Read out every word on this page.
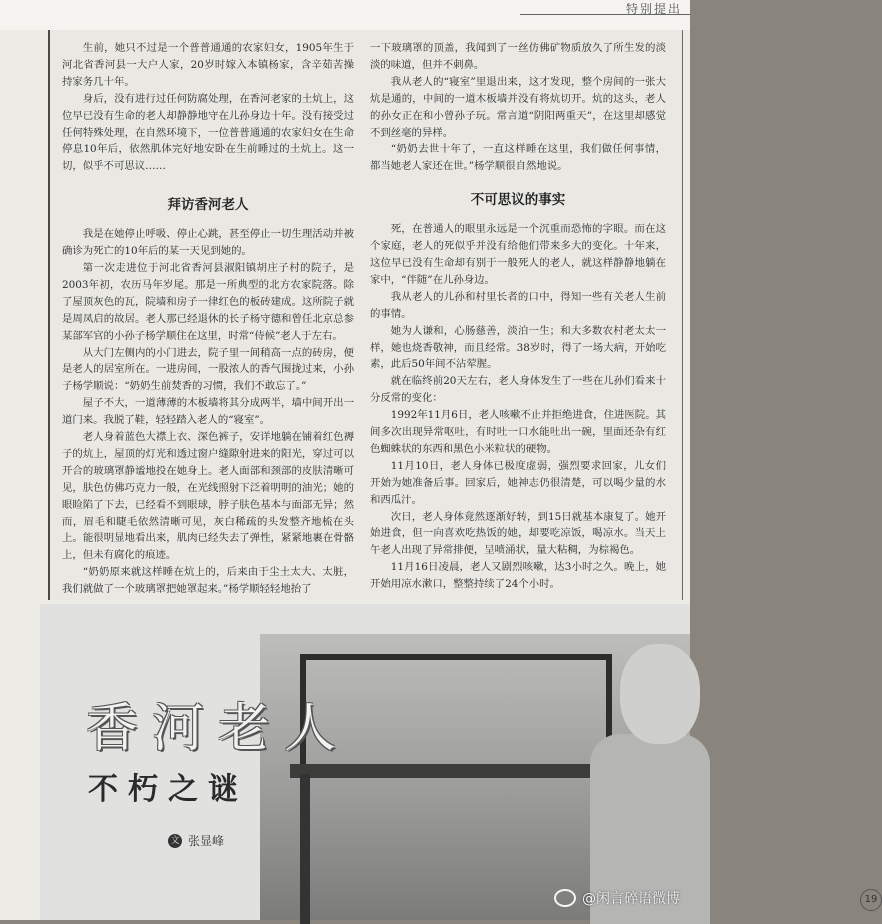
特别提出

生前，她只不过是一个普普通通的农家妇女，1905年生于河北省香河县一大户人家，20岁时嫁入本镇杨家，含辛茹苦操持家务几十年。

身后，没有进行过任何防腐处理，在香河老家的土炕上，这位早已没有生命的老人却静静地守在儿孙身边十年。没有接受过任何特殊处理，在自然环境下，一位普普通通的农家妇女在生命停息10年后，依然肌体完好地安卧在生前睡过的土炕上。这一切，似乎不可思议……

拜访香河老人

我是在她停止呼吸、停止心跳，甚至停止一切生理活动并被确诊为死亡的10年后的某一天见到她的。

第一次走进位于河北省香河县淑阳镇胡庄子村的院子，是2003年初，农历马年岁尾。那是一所典型的北方农家院落。除了屋顶灰色的瓦，院墙和房子一律红色的板砖建成。这所院子就是周凤启的故居。老人那已经退休的长子杨守德和曾任北京总参某部军官的小孙子杨学顺住在这里，时常“侍候”老人于左右。

从大门左侧内的小门进去，院子里一间稍高一点的砖房，便是老人的居室所在。一进房间，一股浓人的香气围拢过来，小孙子杨学顺说：“奶奶生前焚香的习惯，我们不敢忘了。”

屋子不大，一道薄薄的木板墙将其分成两半，墙中间开出一道门来。我脱了鞋，轻轻踏入老人的“寝室”。

老人身着蓝色大襟上衣、深色裤子，安详地躺在铺着红色褥子的炕上，屋顶的灯光和透过窗户缝隙射进来的阳光，穿过可以开合的玻璃罩静谧地投在她身上。老人面部和颈部的皮肤清晰可见，肤色仿佛巧克力一般，在光线照射下泛着明明的油光；她的眼睑陷了下去，已经看不到眼球，脖子肤色基本与面部无异；然而，眉毛和睫毛依然清晰可见，灰白稀疏的头发整齐地梳在头上。能很明显地看出来，肌肉已经失去了弹性，紧紧地裹在骨骼上，但未有腐化的痕迹。

“奶奶原来就这样睡在炕上的，后来由于尘土太大、太脏，我们就做了一个玻璃罩把她罩起来。”杨学顺轻轻地抬了

一下玻璃罩的顶盖，我闻到了一丝仿佛矿物质放久了所生发的淡淡的味道，但并不刺鼻。

我从老人的“寝室”里退出来，这才发现，整个房间的一张大炕是通的，中间的一道木板墙并没有将炕切开。炕的这头，老人的孙女正在和小曾孙子玩。常言道“阴阳两重天”，在这里却感觉不到丝毫的异样。

“奶奶去世十年了，一直这样睡在这里，我们做任何事情，都当她老人家还在世。”杨学顺很自然地说。

不可思议的事实

死，在普通人的眼里永远是一个沉重而恐怖的字眼。而在这个家庭，老人的死似乎并没有给他们带来多大的变化。十年来，这位早已没有生命却有别于一般死人的老人，就这样静静地躺在家中，“伴随”在儿孙身边。

我从老人的儿孙和村里长者的口中，得知一些有关老人生前的事情。

她为人谦和，心肠慈善，淡泊一生；和大多数农村老太太一样，她也烧香敬神，而且经常。38岁时，得了一场大病，开始吃素，此后50年间不沾荤腥。

就在临终前20天左右，老人身体发生了一些在儿孙们看来十分反常的变化：

1992年11月6日，老人咳嗽不止并拒绝进食，住进医院。其间多次出现异常呕吐，有时吐一口水能吐出一碗，里面还杂有红色蜘蛛状的东西和黑色小米粒状的硬物。

11月10日，老人身体已极度虚弱，强烈要求回家，儿女们开始为她准备后事。回家后，她神志仍很清楚，可以喝少量的水和西瓜汁。

次日，老人身体竟然逐渐好转，到15日就基本康复了。她开始进食，但一向喜欢吃热饭的她，却要吃凉饭，喝凉水。当天上午老人出现了异常排便，呈喷涌状，量大粘稠，为棕褐色。

11月16日凌晨，老人又剧烈咳嗽，达3小时之久。晚上，她开始用凉水漱口，整整持续了24个小时。

19
香河老人
不朽之谜
文 张显峰
@闲言碎语微博
